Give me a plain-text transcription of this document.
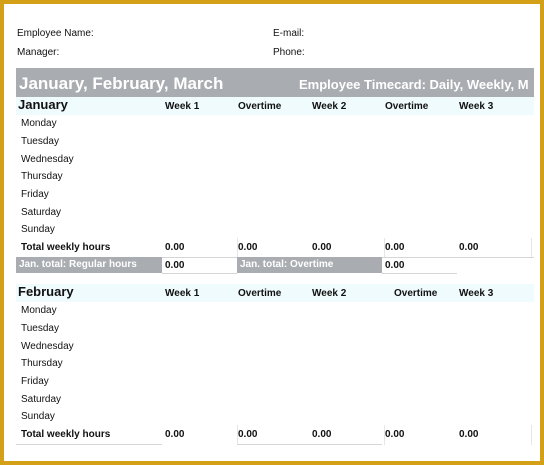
Employee Name:
Manager:
E-mail:
Phone:
January, February, March	Employee Timecard: Daily, Weekly, M
January	Week 1	Overtime	Week 2	Overtime	Week 3
Monday
Tuesday
Wednesday
Thursday
Friday
Saturday
Sunday
Total weekly hours	0.00	0.00	0.00	0.00	0.00
Jan. total: Regular hours	0.00	Jan. total: Overtime	0.00
February	Week 1	Overtime	Week 2	Overtime Week 3
Monday
Tuesday
Wednesday
Thursday
Friday
Saturday
Sunday
Total weekly hours	0.00	0.00	0.00	0.00	0.00
